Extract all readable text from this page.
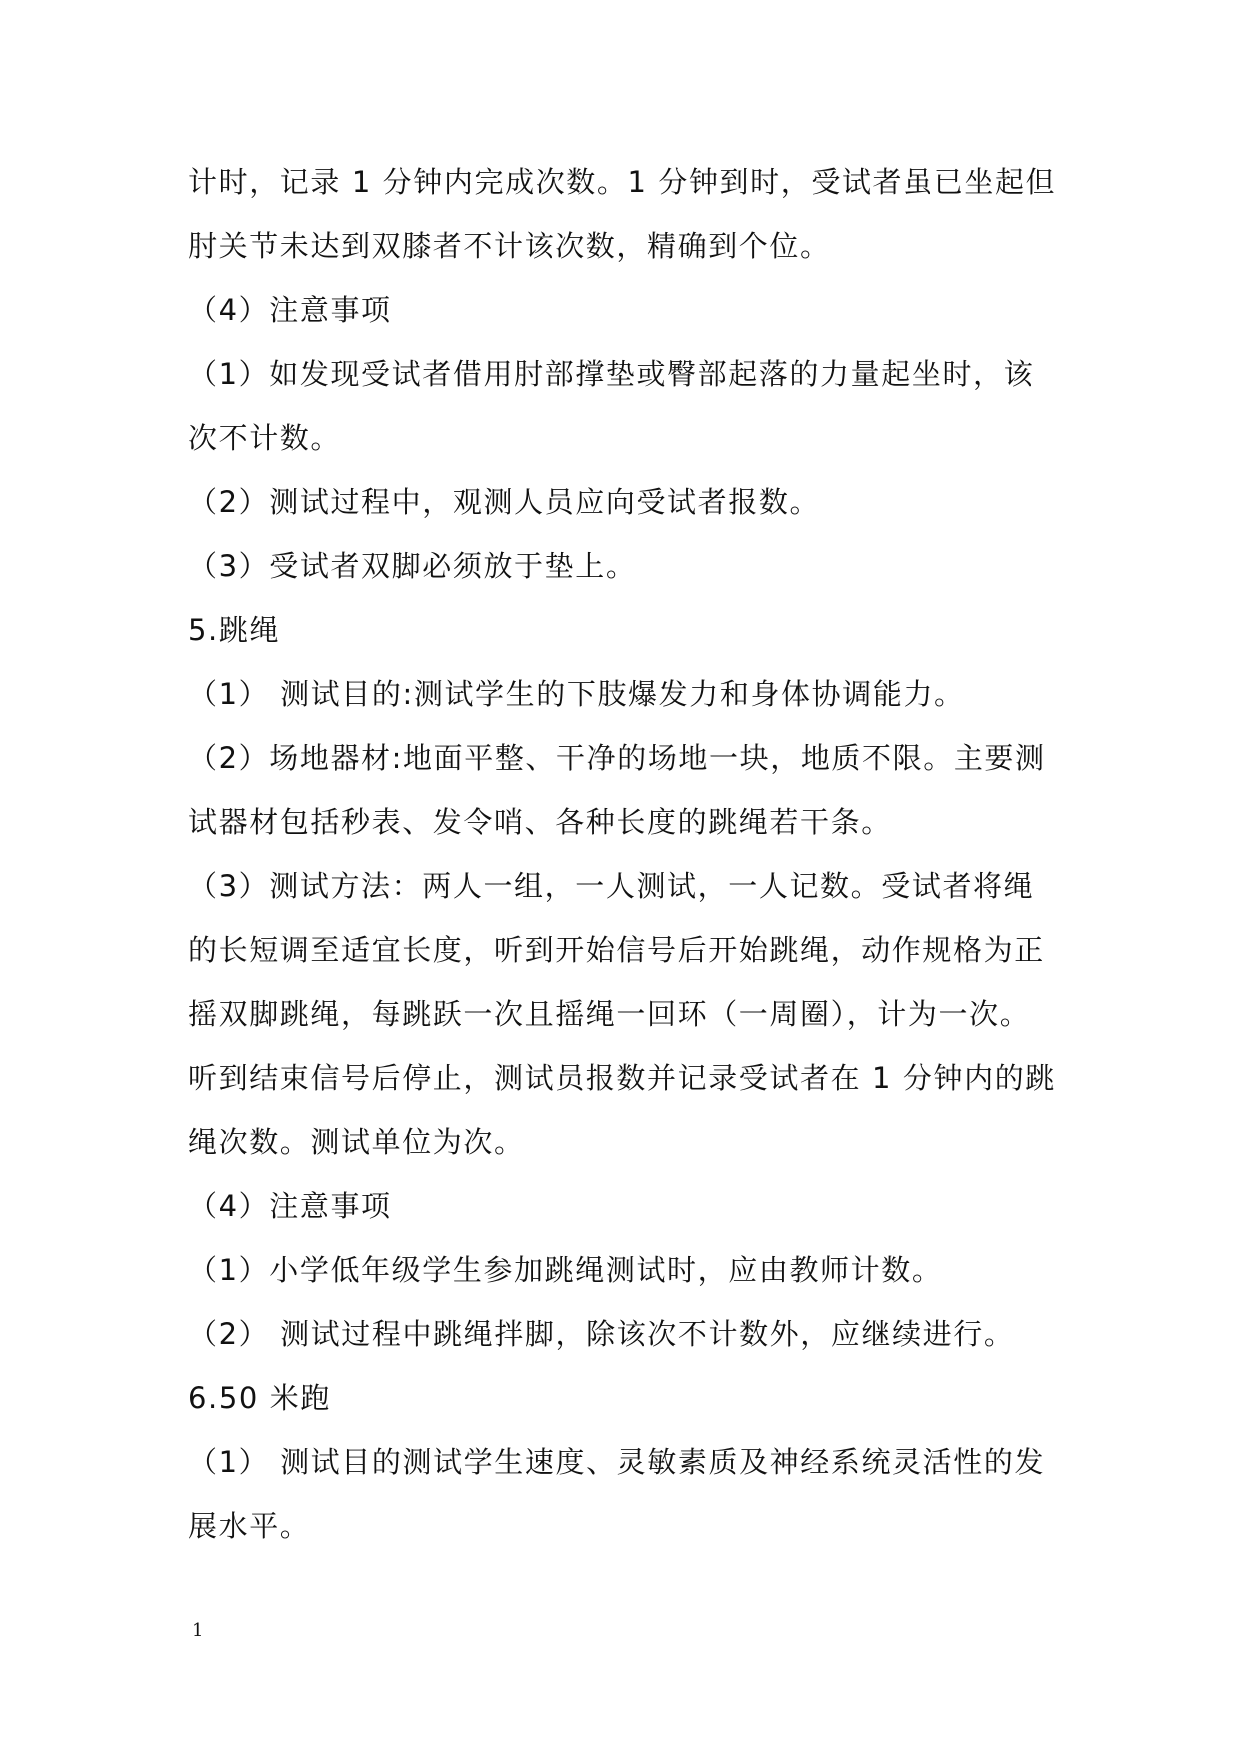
计时，记录 1 分钟内完成次数。1 分钟到时，受试者虽已坐起但
肘关节未达到双膝者不计该次数，精确到个位。
（4）注意事项
（1）如发现受试者借用肘部撑垫或臀部起落的力量起坐时，该
次不计数。
（2）测试过程中，观测人员应向受试者报数。
（3）受试者双脚必须放于垫上。
5.跳绳
（1） 测试目的:测试学生的下肢爆发力和身体协调能力。
（2）场地器材:地面平整、干净的场地一块，地质不限。主要测
试器材包括秒表、发令哨、各种长度的跳绳若干条。
（3）测试方法：两人一组，一人测试，一人记数。受试者将绳
的长短调至适宜长度，听到开始信号后开始跳绳，动作规格为正
摇双脚跳绳，每跳跃一次且摇绳一回环（一周圈），计为一次。
听到结束信号后停止，测试员报数并记录受试者在 1 分钟内的跳
绳次数。测试单位为次。
（4）注意事项
（1）小学低年级学生参加跳绳测试时，应由教师计数。
（2） 测试过程中跳绳拌脚，除该次不计数外，应继续进行。
6.50 米跑
（1） 测试目的测试学生速度、灵敏素质及神经系统灵活性的发
展水平。
1
